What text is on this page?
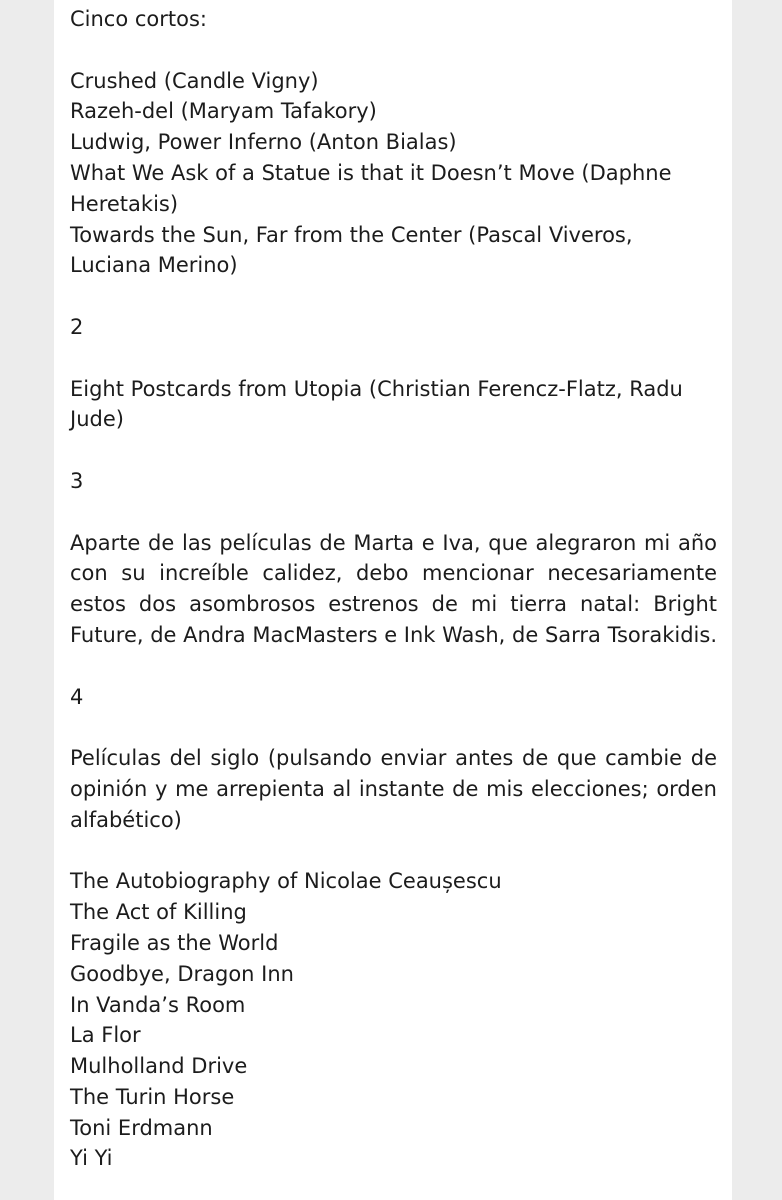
Cinco cortos:
Crushed (Candle Vigny)
Razeh-del (Maryam Tafakory)
Ludwig, Power Inferno (Anton Bialas)
What We Ask of a Statue is that it Doesn’t Move (Daphne
Heretakis)
Towards the Sun, Far from the Center (Pascal Viveros,
Luciana Merino)
2
Eight Postcards from Utopia (Christian Ferencz-Flatz, Radu
Jude)
3

Aparte de las películas de Marta e Iva, que alegraron mi año con su increíble calidez, debo mencionar necesariamente estos dos asombrosos estrenos de mi tierra natal: Bright Future, de Andra MacMasters e Ink Wash, de Sarra Tsorakidis.

4

Películas del siglo (pulsando enviar antes de que cambie de opinión y me arrepienta al instante de mis elecciones; orden alfabético)

The Autobiography of Nicolae Ceaușescu
The Act of Killing
Fragile as the World
Goodbye, Dragon Inn
In Vanda’s Room
La Flor
Mulholland Drive
The Turin Horse
Toni Erdmann
Yi Yi
